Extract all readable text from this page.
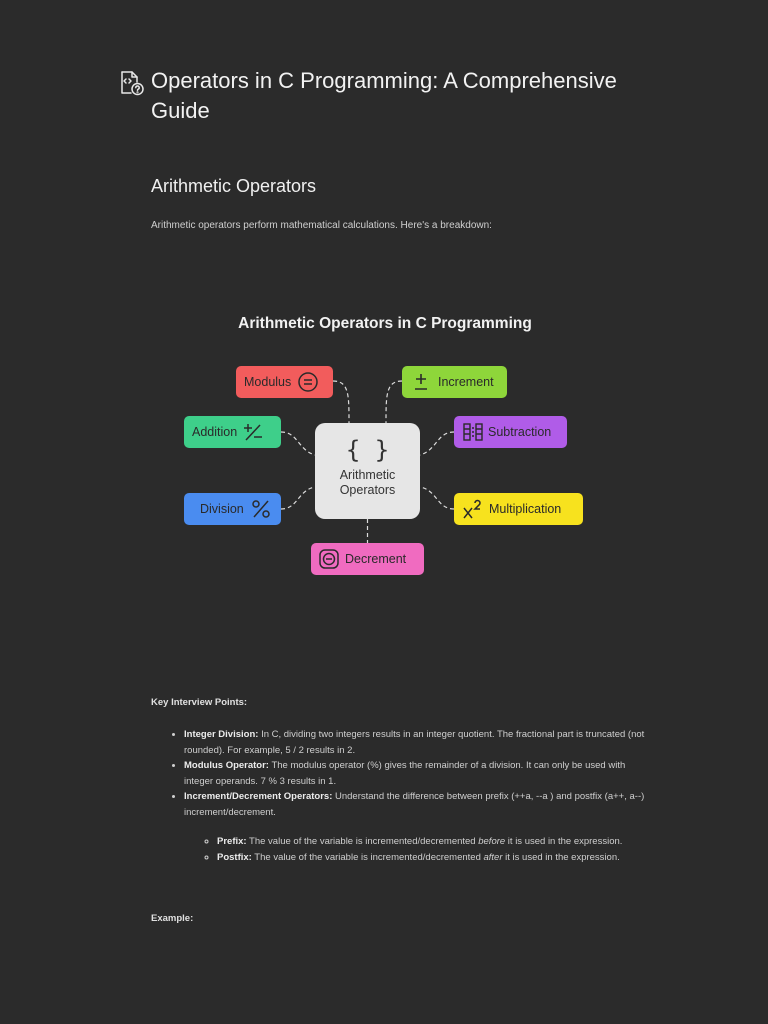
Operators in C Programming: A Comprehensive Guide
Arithmetic Operators
Arithmetic operators perform mathematical calculations. Here's a breakdown:
Arithmetic Operators in C Programming
{ }
Arithmetic Operators
Modulus	Increment
Addition	Subtraction
Division	Multiplication
Decrement
Key Interview Points:
• Integer Division: In C, dividing two integers results in an integer quotient. The fractional part is truncated (not rounded). For example, 5 / 2 results in 2.
• Modulus Operator: The modulus operator (%) gives the remainder of a division. It can only be used with integer operands. 7 % 3 results in 1.
• Increment/Decrement Operators: Understand the difference between prefix (++a, --a ) and postfix (a++, a--) increment/decrement.
◦ Prefix: The value of the variable is incremented/decremented before it is used in the expression.
◦ Postfix: The value of the variable is incremented/decremented after it is used in the expression.
Example:
